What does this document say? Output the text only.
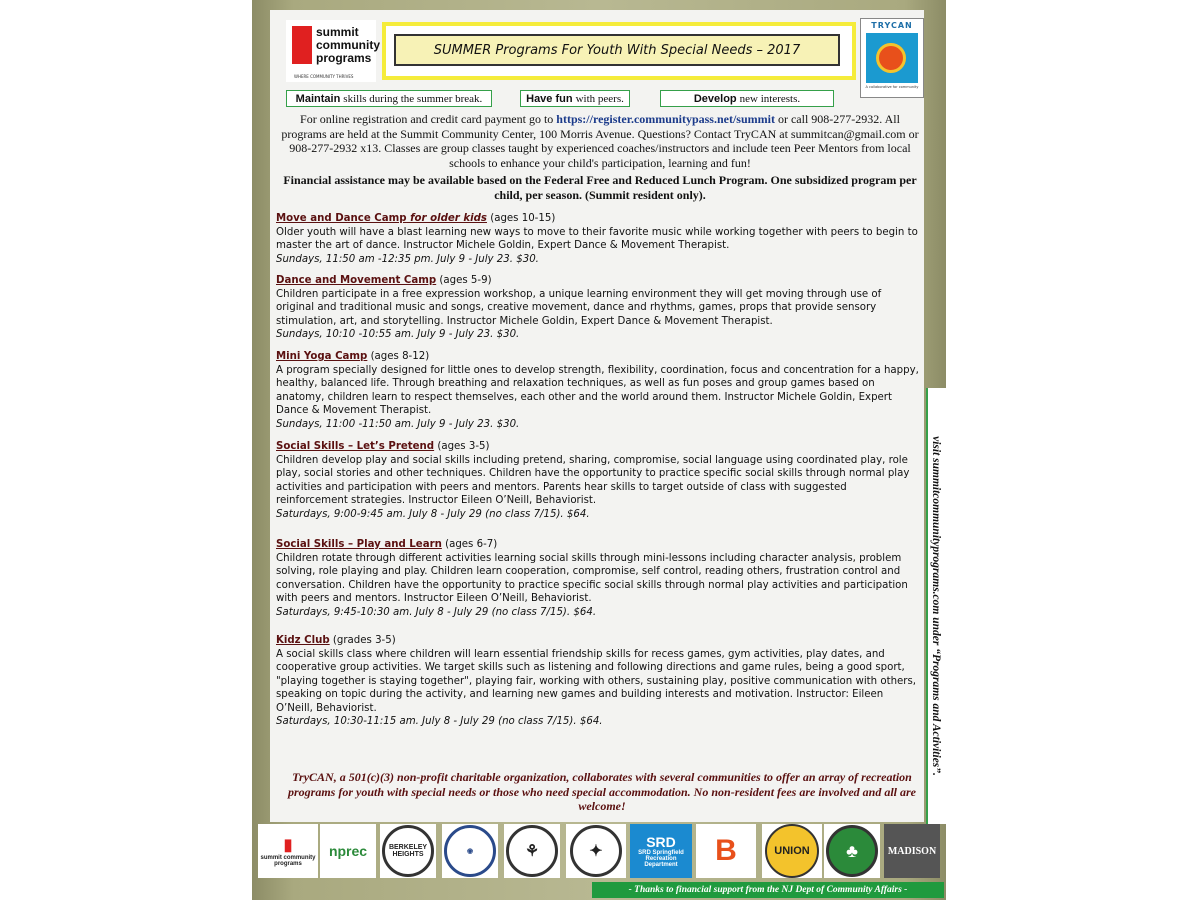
summit
community
programs
WHERE COMMUNITY THRIVES
SUMMER Programs For Youth With Special Needs – 2017
TRYCAN
A collaborative for community
Maintain skills during the summer break.	Have fun with peers.	Develop new interests.
For online registration and credit card payment go to https://register.communitypass.net/summit or call 908-277-2932. All programs are held at the Summit Community Center, 100 Morris Avenue. Questions? Contact TryCAN at summitcan@gmail.com or 908-277-2932 x13. Classes are group classes taught by experienced coaches/instructors and include teen Peer Mentors from local schools to enhance your child's participation, learning and fun!
Financial assistance may be available based on the Federal Free and Reduced Lunch Program. One subsidized program per child, per season. (Summit resident only).
Move and Dance Camp for older kids (ages 10-15)
Older youth will have a blast learning new ways to move to their favorite music while working together with peers to begin to master the art of dance. Instructor Michele Goldin, Expert Dance & Movement Therapist.
Sundays, 11:50 am -12:35 pm. July 9 - July 23. $30.
Dance and Movement Camp (ages 5-9)
Children participate in a free expression workshop, a unique learning environment they will get moving through use of original and traditional music and songs, creative movement, dance and rhythms, games, props that provide sensory stimulation, art, and storytelling. Instructor Michele Goldin, Expert Dance & Movement Therapist.
Sundays, 10:10 -10:55 am. July 9 - July 23. $30.
Mini Yoga Camp (ages 8-12)
A program specially designed for little ones to develop strength, flexibility, coordination, focus and concentration for a happy, healthy, balanced life. Through breathing and relaxation techniques, as well as fun poses and group games based on anatomy, children learn to respect themselves, each other and the world around them. Instructor Michele Goldin, Expert Dance & Movement Therapist.
Sundays, 11:00 -11:50 am. July 9 - July 23. $30.
Social Skills – Let’s Pretend (ages 3-5)
Children develop play and social skills including pretend, sharing, compromise, social language using coordinated play, role play, social stories and other techniques. Children have the opportunity to practice specific social skills through normal play activities and participation with peers and mentors. Parents hear skills to target outside of class with suggested reinforcement strategies. Instructor Eileen O’Neill, Behaviorist.
Saturdays, 9:00-9:45 am. July 8 - July 29 (no class 7/15). $64.
Social Skills – Play and Learn (ages 6-7)
Children rotate through different activities learning social skills through mini-lessons including character analysis, problem solving, role playing and play. Children learn cooperation, compromise, self control, reading others, frustration control and conversation. Children have the opportunity to practice specific social skills through normal play activities and participation with peers and mentors. Instructor Eileen O’Neill, Behaviorist.
Saturdays, 9:45-10:30 am. July 8 - July 29 (no class 7/15). $64.
Kidz Club (grades 3-5)
A social skills class where children will learn essential friendship skills for recess games, gym activities, play dates, and cooperative group activities. We target skills such as listening and following directions and game rules, being a good sport, "playing together is staying together", playing fair, working with others, sustaining play, positive communication with others, speaking on topic during the activity, and learning new games and building interests and motivation. Instructor: Eileen O’Neill, Behaviorist.
Saturdays, 10:30-11:15 am. July 8 - July 29 (no class 7/15). $64.
TryCAN, a 501(c)(3) non-profit charitable organization, collaborates with several communities to offer an array of recreation programs for youth with special needs or those who need special accommodation. No non-resident fees are involved and all are welcome!
visit summitcommunityprograms.com under “Programs and Activities”.
▮
summit community programs
nprec	BERKELEY HEIGHTS	◉	⚘	✦
SRD
SRD Springfield Recreation Department	B	UNION	♣	MADISON
- Thanks to financial support from the NJ Dept of Community Affairs -
